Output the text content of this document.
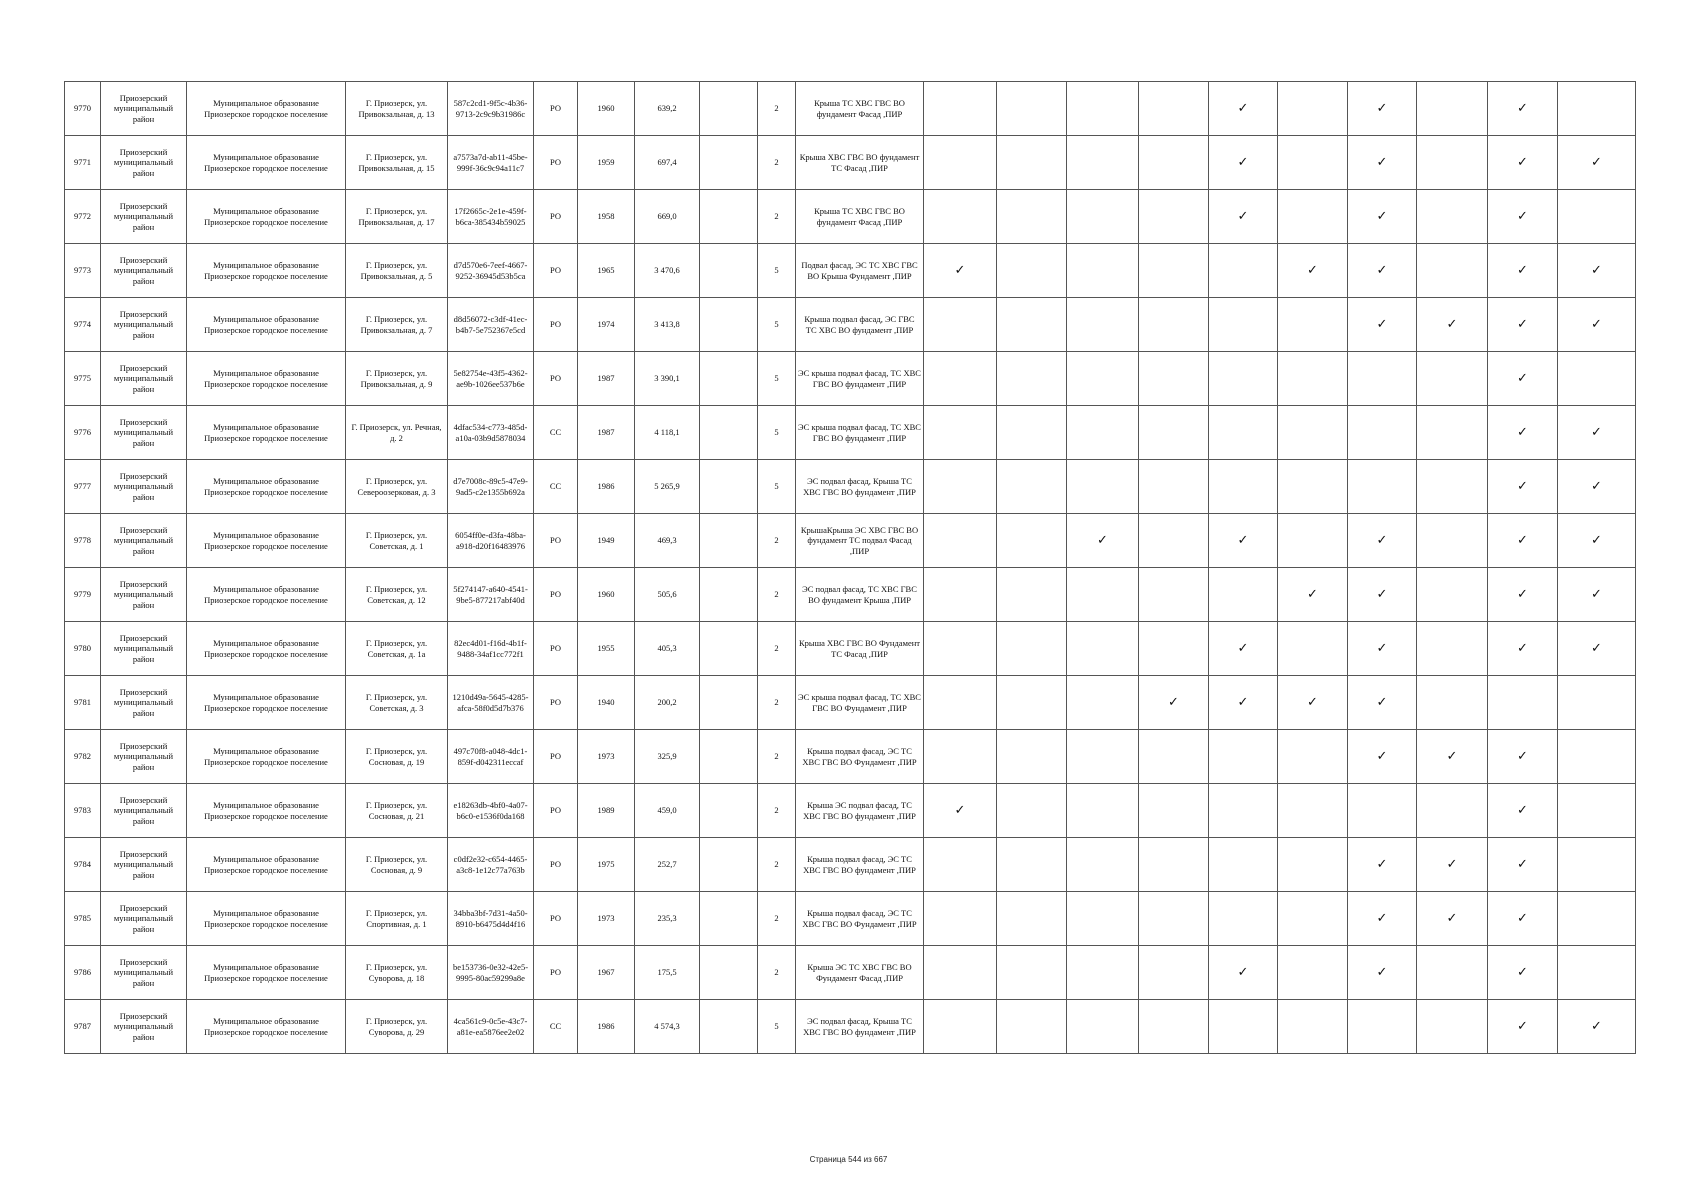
9770	Приозерский муниципальный район	Муниципальное образование Приозерское городское поселение	Г. Приозерск, ул. Привокзальная, д. 13	587c2cd1-9f5c-4b36-9713-2c9c9b31986c	РО	1960	639,2		2	Крыша ТС ХВС ГВС ВО фундамент Фасад ,ПИР					✓		✓		✓	
9771	Приозерский муниципальный район	Муниципальное образование Приозерское городское поселение	Г. Приозерск, ул. Привокзальная, д. 15	a7573a7d-ab11-45be-999f-36c9c94a11c7	РО	1959	697,4		2	Крыша ХВС ГВС ВО фундамент ТС Фасад ,ПИР					✓		✓		✓	✓
9772	Приозерский муниципальный район	Муниципальное образование Приозерское городское поселение	Г. Приозерск, ул. Привокзальная, д. 17	17f2665c-2e1e-459f-b6ca-385434b59025	РО	1958	669,0		2	Крыша ТС ХВС ГВС ВО фундамент Фасад ,ПИР					✓		✓		✓	
9773	Приозерский муниципальный район	Муниципальное образование Приозерское городское поселение	Г. Приозерск, ул. Привокзальная, д. 5	d7d570e6-7eef-4667-9252-36945d53b5ca	РО	1965	3 470,6		5	Подвал фасад, ЭС ТС ХВС ГВС ВО Крыша Фундамент ,ПИР	✓					✓	✓		✓	✓
9774	Приозерский муниципальный район	Муниципальное образование Приозерское городское поселение	Г. Приозерск, ул. Привокзальная, д. 7	d8d56072-c3df-41ec-b4b7-5e752367e5cd	РО	1974	3 413,8		5	Крыша подвал фасад, ЭС ГВС ТС ХВС ВО фундамент ,ПИР							✓	✓	✓	✓
9775	Приозерский муниципальный район	Муниципальное образование Приозерское городское поселение	Г. Приозерск, ул. Привокзальная, д. 9	5e82754e-43f5-4362-ae9b-1026ee537b6e	РО	1987	3 390,1		5	ЭС крыша подвал фасад, ТС ХВС ГВС ВО фундамент ,ПИР									✓	
9776	Приозерский муниципальный район	Муниципальное образование Приозерское городское поселение	Г. Приозерск, ул. Речная, д. 2	4dfac534-c773-485d-a10a-03b9d5878034	СС	1987	4 118,1		5	ЭС крыша подвал фасад, ТС ХВС ГВС ВО фундамент ,ПИР									✓	✓
9777	Приозерский муниципальный район	Муниципальное образование Приозерское городское поселение	Г. Приозерск, ул. Североозерковая, д. 3	d7e7008c-89c5-47e9-9ad5-c2e1355b692a	СС	1986	5 265,9		5	ЭС подвал фасад, Крыша ТС ХВС ГВС ВО фундамент ,ПИР									✓	✓
9778	Приозерский муниципальный район	Муниципальное образование Приозерское городское поселение	Г. Приозерск, ул. Советская, д. 1	6054ff0e-d3fa-48ba-a918-d20f16483976	РО	1949	469,3		2	КрышаКрыша ЭС ХВС ГВС ВО фундамент ТС подвал Фасад ,ПИР			✓		✓		✓		✓	✓
9779	Приозерский муниципальный район	Муниципальное образование Приозерское городское поселение	Г. Приозерск, ул. Советская, д. 12	5f274147-a640-4541-9be5-877217abf40d	РО	1960	505,6		2	ЭС подвал фасад, ТС ХВС ГВС ВО фундамент Крыша ,ПИР						✓	✓		✓	✓
9780	Приозерский муниципальный район	Муниципальное образование Приозерское городское поселение	Г. Приозерск, ул. Советская, д. 1а	82ec4d01-f16d-4b1f-9488-34af1cc772f1	РО	1955	405,3		2	Крыша ХВС ГВС ВО Фундамент ТС Фасад ,ПИР					✓		✓		✓	✓
9781	Приозерский муниципальный район	Муниципальное образование Приозерское городское поселение	Г. Приозерск, ул. Советская, д. 3	1210d49a-5645-4285-afca-58f0d5d7b376	РО	1940	200,2		2	ЭС крыша подвал фасад, ТС ХВС ГВС ВО Фундамент ,ПИР				✓	✓	✓	✓			
9782	Приозерский муниципальный район	Муниципальное образование Приозерское городское поселение	Г. Приозерск, ул. Сосновая, д. 19	497c70f8-a048-4dc1-859f-d042311eccaf	РО	1973	325,9		2	Крыша подвал фасад, ЭС ТС ХВС ГВС ВО Фундамент ,ПИР							✓	✓	✓	
9783	Приозерский муниципальный район	Муниципальное образование Приозерское городское поселение	Г. Приозерск, ул. Сосновая, д. 21	e18263db-4bf0-4a07-b6c0-e1536f0da168	РО	1989	459,0		2	Крыша ЭС подвал фасад, ТС ХВС ГВС ВО фундамент ,ПИР	✓								✓	
9784	Приозерский муниципальный район	Муниципальное образование Приозерское городское поселение	Г. Приозерск, ул. Сосновая, д. 9	c0df2e32-c654-4465-a3c8-1e12c77a763b	РО	1975	252,7		2	Крыша подвал фасад, ЭС ТС ХВС ГВС ВО фундамент ,ПИР							✓	✓	✓	
9785	Приозерский муниципальный район	Муниципальное образование Приозерское городское поселение	Г. Приозерск, ул. Спортивная, д. 1	34bba3bf-7d31-4a50-8910-b6475d4d4f16	РО	1973	235,3		2	Крыша подвал фасад, ЭС ТС ХВС ГВС ВО Фундамент ,ПИР							✓	✓	✓	
9786	Приозерский муниципальный район	Муниципальное образование Приозерское городское поселение	Г. Приозерск, ул. Суворова, д. 18	be153736-0e32-42e5-9995-80ac59299a8e	РО	1967	175,5		2	Крыша ЭС ТС ХВС ГВС ВО Фундамент Фасад ,ПИР					✓		✓		✓	
9787	Приозерский муниципальный район	Муниципальное образование Приозерское городское поселение	Г. Приозерск, ул. Суворова, д. 29	4ca561c9-0c5e-43c7-a81e-ea5876ee2e02	СС	1986	4 574,3		5	ЭС подвал фасад, Крыша ТС ХВС ГВС ВО фундамент ,ПИР									✓	✓
Страница 544 из 667
